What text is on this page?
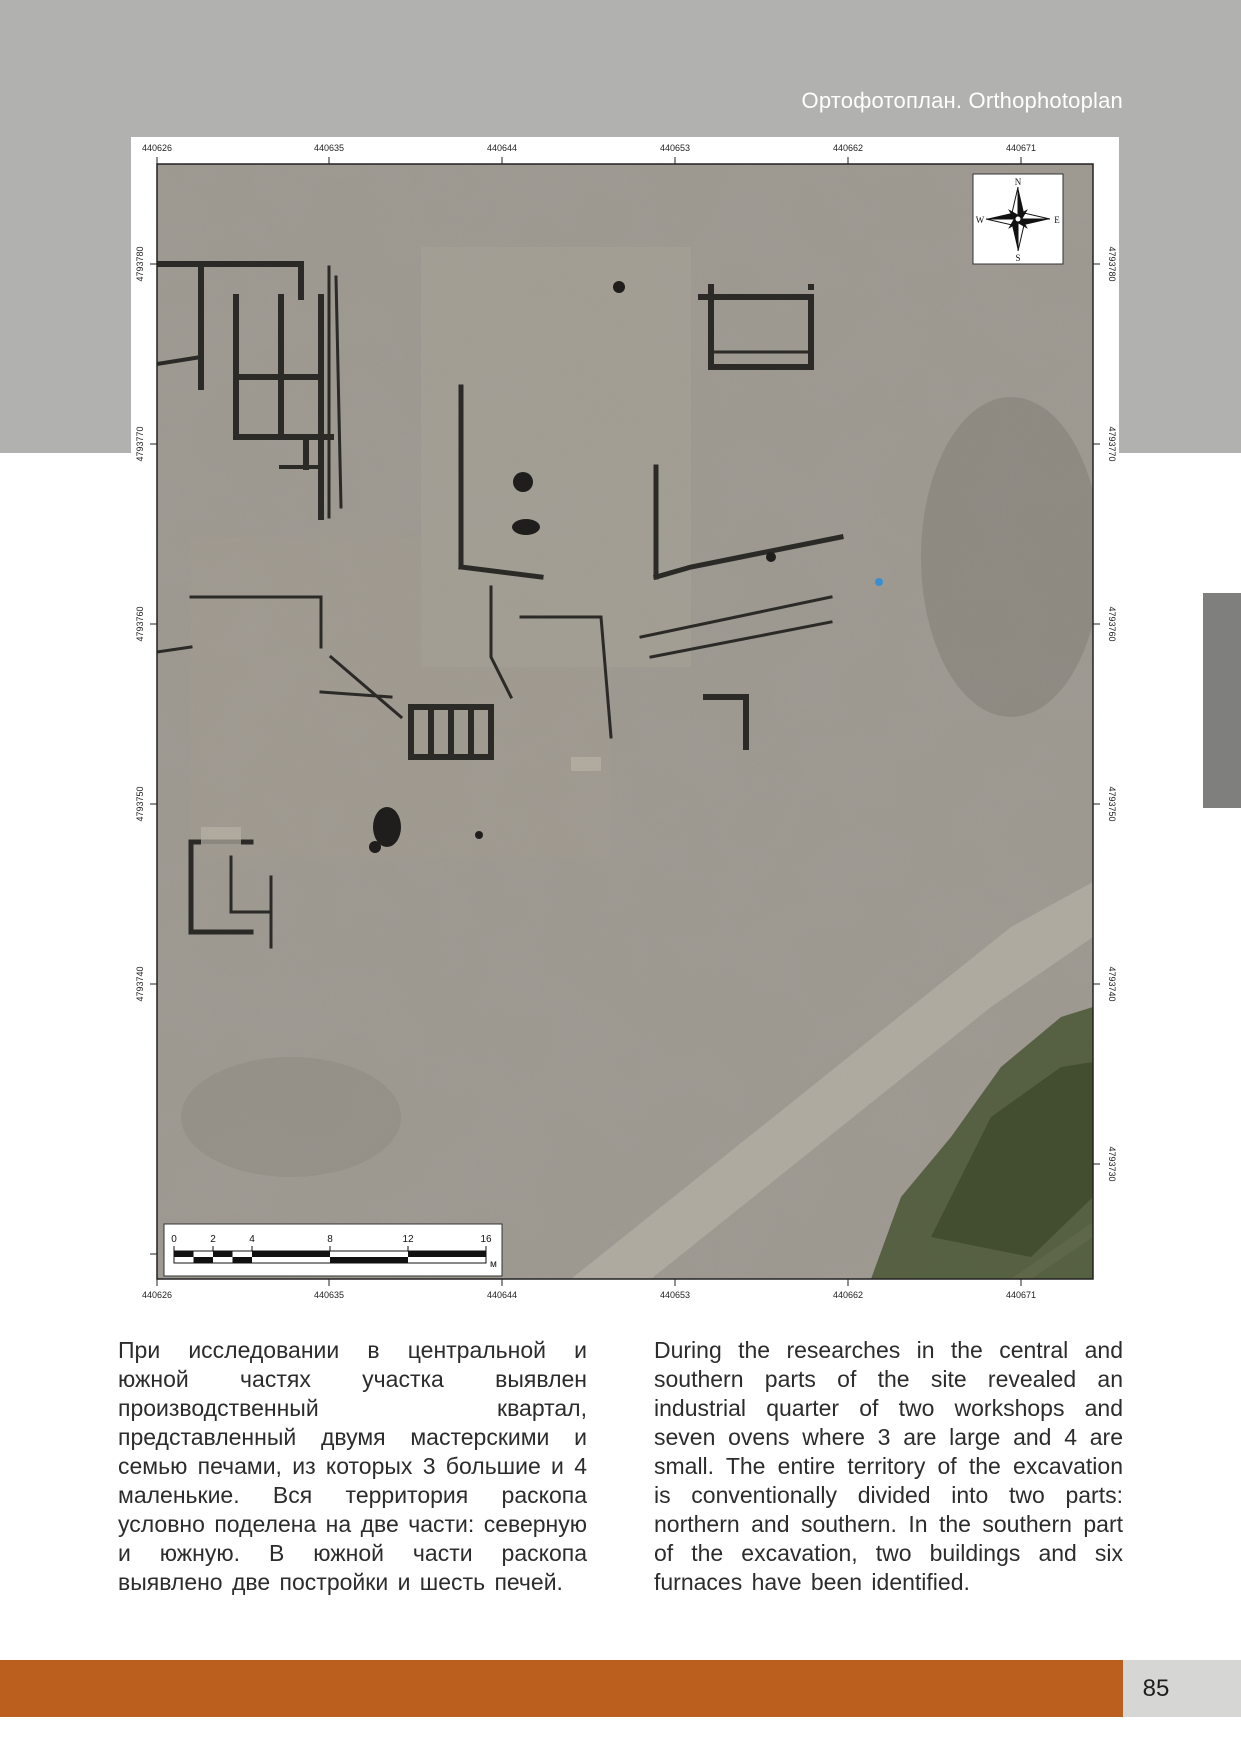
Ортофотоплан. Orthophotoplan
440626
440626
440635
440635
440644
440644
440653
440653
440662
440662
440671
440671
4793780
4793770
4793760
4793750
4793740
4793730
4793780
4793770
4793760
4793750
4793740
N
S
E
W
0	2	4	8	12	16
м
При исследовании в центральной и южной частях участка выявлен производственный квартал, представленный двумя мастерскими и семью печами, из которых 3 большие и 4 маленькие. Вся территория раскопа условно поделена на две части: северную и южную. В южной части раскопа выявлено две постройки и шесть печей.
During the researches in the central and southern parts of the site revealed an industrial quarter of two workshops and seven ovens where 3 are large and 4 are small. The entire territory of the excavation is conventionally divided into two parts: northern and southern. In the southern part of the excavation, two buildings and six furnaces have been identified.
85
